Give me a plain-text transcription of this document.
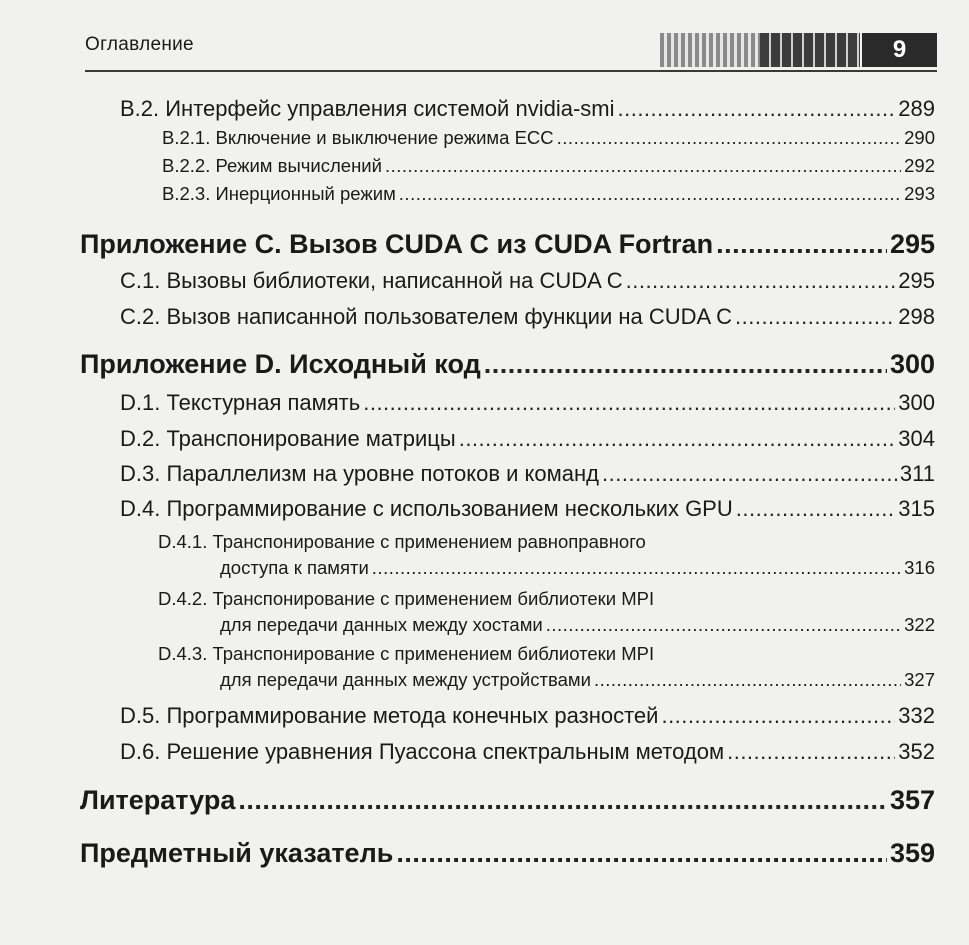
Оглавление	9
B.2. Интерфейс управления системой nvidia-smi .....	289
B.2.1. Включение и выключение режима ECC .....	290
B.2.2. Режим вычислений .....	292
B.2.3. Инерционный режим .....	293
Приложение C. Вызов CUDA C из CUDA Fortran .....	295
C.1. Вызовы библиотеки, написанной на CUDA C .....	295
C.2. Вызов написанной пользователем функции на CUDA C .....	298
Приложение D. Исходный код .....	300
D.1. Текстурная память .....	300
D.2. Транспонирование матрицы .....	304
D.3. Параллелизм на уровне потоков и команд .....	311
D.4. Программирование с использованием нескольких GPU .....	315
D.4.1. Транспонирование с применением равноправного
доступа к памяти .....	316
D.4.2. Транспонирование с применением библиотеки MPI
для передачи данных между хостами .....	322
D.4.3. Транспонирование с применением библиотеки MPI
для передачи данных между устройствами .....	327
D.5. Программирование метода конечных разностей .....	332
D.6. Решение уравнения Пуассона спектральным методом .....	352
Литература .....	357
Предметный указатель .....	359
